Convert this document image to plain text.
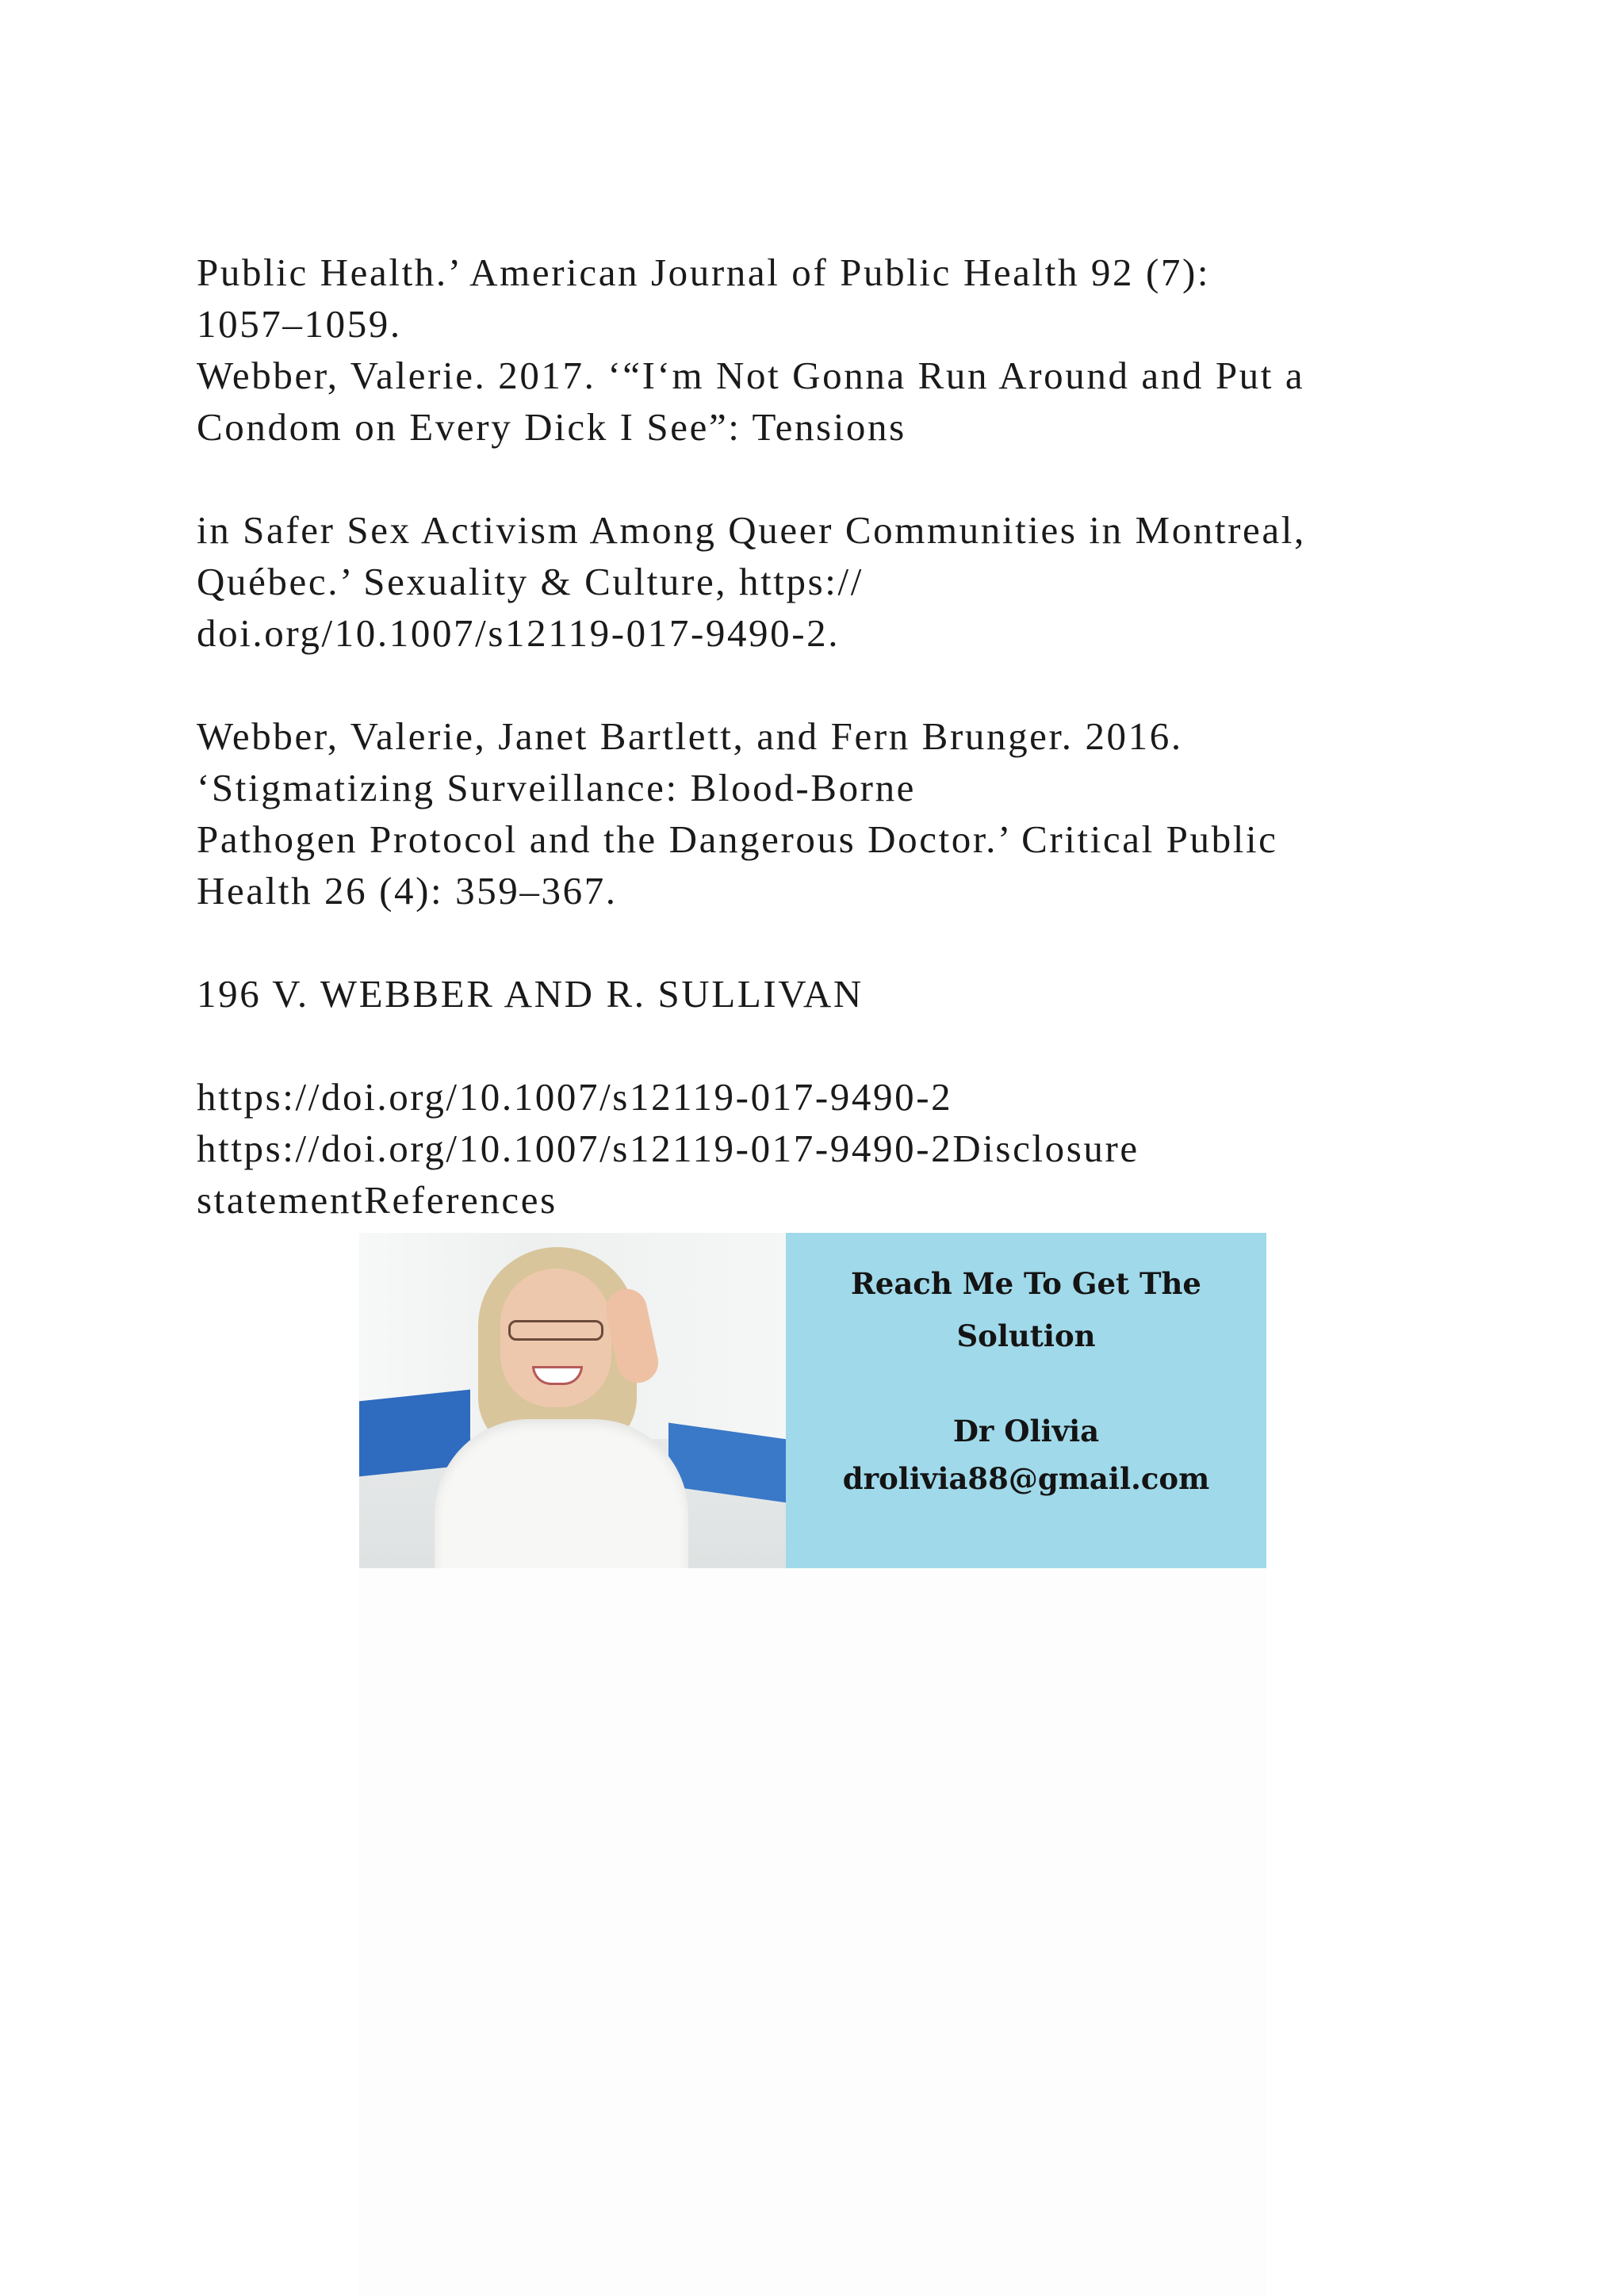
Public Health.’ American Journal of Public Health 92 (7):
1057–1059.
Webber, Valerie. 2017. ‘“I‘m Not Gonna Run Around and Put a
Condom on Every Dick I See”: Tensions
in Safer Sex Activism Among Queer Communities in Montreal,
Québec.’ Sexuality & Culture, https://
doi.org/10.1007/s12119-017-9490-2.
Webber, Valerie, Janet Bartlett, and Fern Brunger. 2016.
‘Stigmatizing Surveillance: Blood-Borne
Pathogen Protocol and the Dangerous Doctor.’ Critical Public
Health 26 (4): 359–367.
196 V. WEBBER AND R. SULLIVAN
https://doi.org/10.1007/s12119-017-9490-2
https://doi.org/10.1007/s12119-017-9490-2Disclosure
statementReferences
Reach Me To Get The
Solution
Dr Olivia
drolivia88@gmail.com
